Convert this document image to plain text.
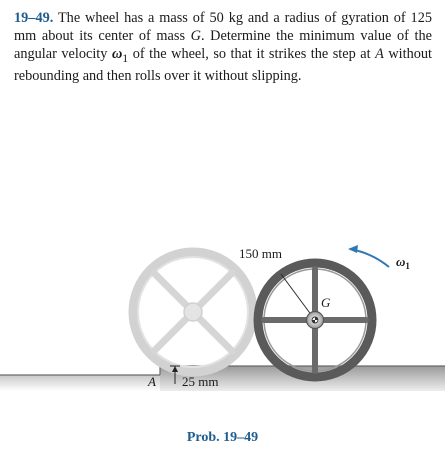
19–49. The wheel has a mass of 50 kg and a radius of gyration of 125 mm about its center of mass G. Determine the minimum value of the angular velocity $\omega_1$ of the wheel, so that it strikes the step at A without rebounding and then rolls over it without slipping.

150 mm
G
$\omega_1$
A 25 mm
Prob. 19–49
